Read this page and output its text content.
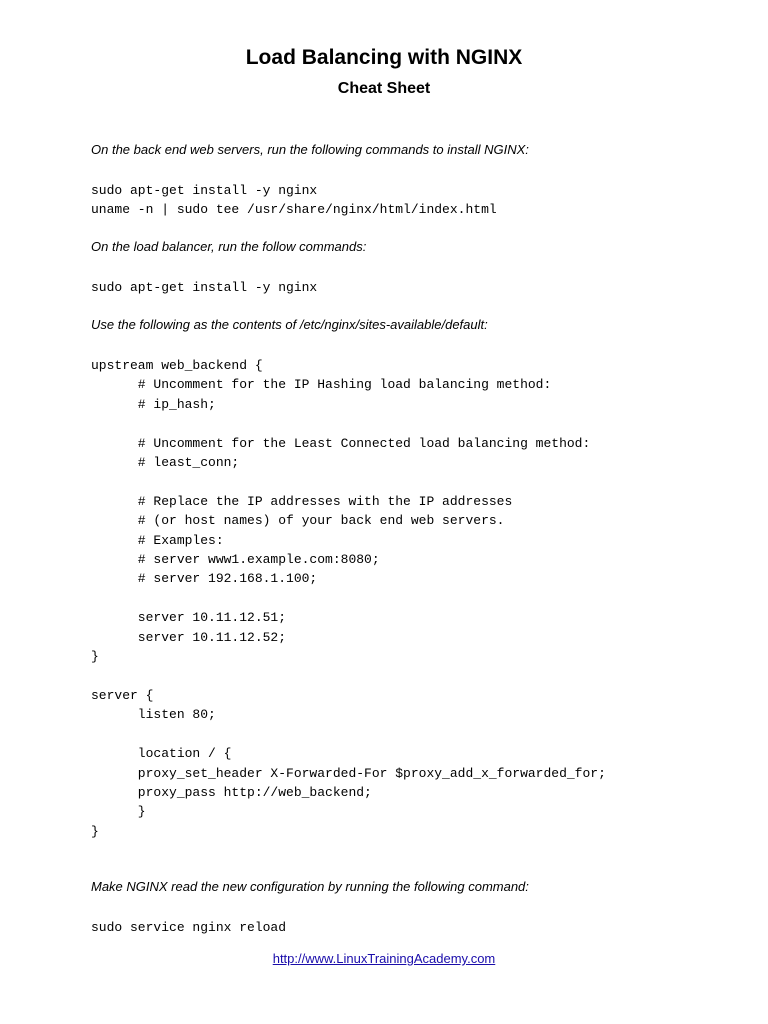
Load Balancing with NGINX
Cheat Sheet
On the back end web servers, run the following commands to install NGINX:
sudo apt-get install -y nginx
uname -n | sudo tee /usr/share/nginx/html/index.html
On the load balancer, run the follow commands:
sudo apt-get install -y nginx
Use the following as the contents of /etc/nginx/sites-available/default:
upstream web_backend {
# Uncomment for the IP Hashing load balancing method:
# ip_hash;

# Uncomment for the Least Connected load balancing method:
# least_conn;

# Replace the IP addresses with the IP addresses
# (or host names) of your back end web servers.
# Examples:
# server www1.example.com:8080;
# server 192.168.1.100;

server 10.11.12.51;
server 10.11.12.52;
}

server {
listen 80;

location / {
proxy_set_header X-Forwarded-For $proxy_add_x_forwarded_for;
proxy_pass http://web_backend;
}
}
Make NGINX read the new configuration by running the following command:
sudo service nginx reload
http://www.LinuxTrainingAcademy.com
